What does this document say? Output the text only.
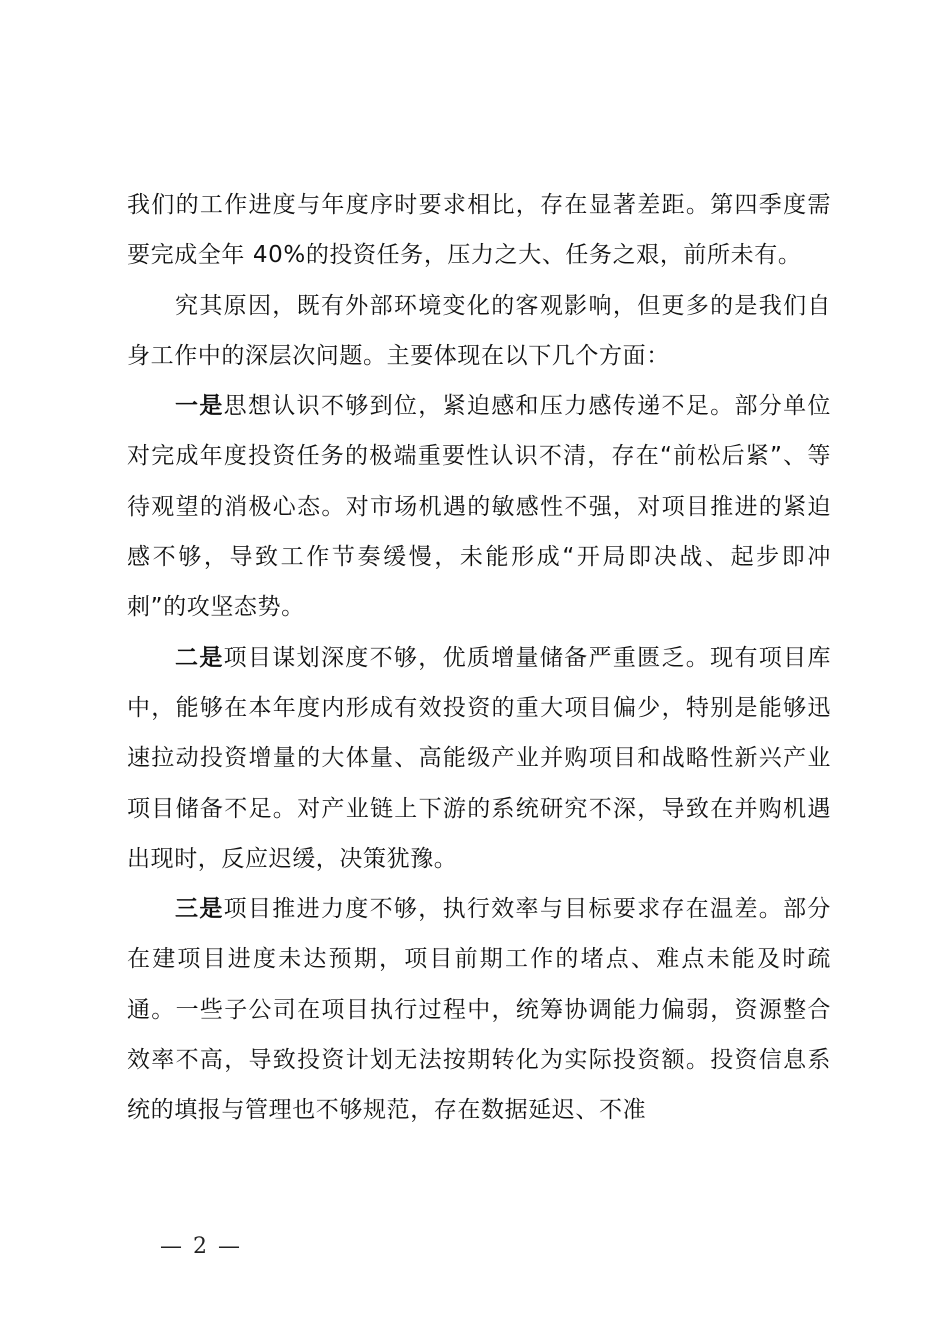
我们的工作进度与年度序时要求相比，存在显著差距。第四季度需要完成全年 40%的投资任务，压力之大、任务之艰，前所未有。

究其原因，既有外部环境变化的客观影响，但更多的是我们自身工作中的深层次问题。主要体现在以下几个方面：

一是思想认识不够到位，紧迫感和压力感传递不足。部分单位对完成年度投资任务的极端重要性认识不清，存在“前松后紧”、等待观望的消极心态。对市场机遇的敏感性不强，对项目推进的紧迫感不够，导致工作节奏缓慢，未能形成“开局即决战、起步即冲刺”的攻坚态势。

二是项目谋划深度不够，优质增量储备严重匮乏。现有项目库中，能够在本年度内形成有效投资的重大项目偏少，特别是能够迅速拉动投资增量的大体量、高能级产业并购项目和战略性新兴产业项目储备不足。对产业链上下游的系统研究不深，导致在并购机遇出现时，反应迟缓，决策犹豫。

三是项目推进力度不够，执行效率与目标要求存在温差。部分在建项目进度未达预期，项目前期工作的堵点、难点未能及时疏通。一些子公司在项目执行过程中，统筹协调能力偏弱，资源整合效率不高，导致投资计划无法按期转化为实际投资额。投资信息系统的填报与管理也不够规范，存在数据延迟、不准

— 2 —
